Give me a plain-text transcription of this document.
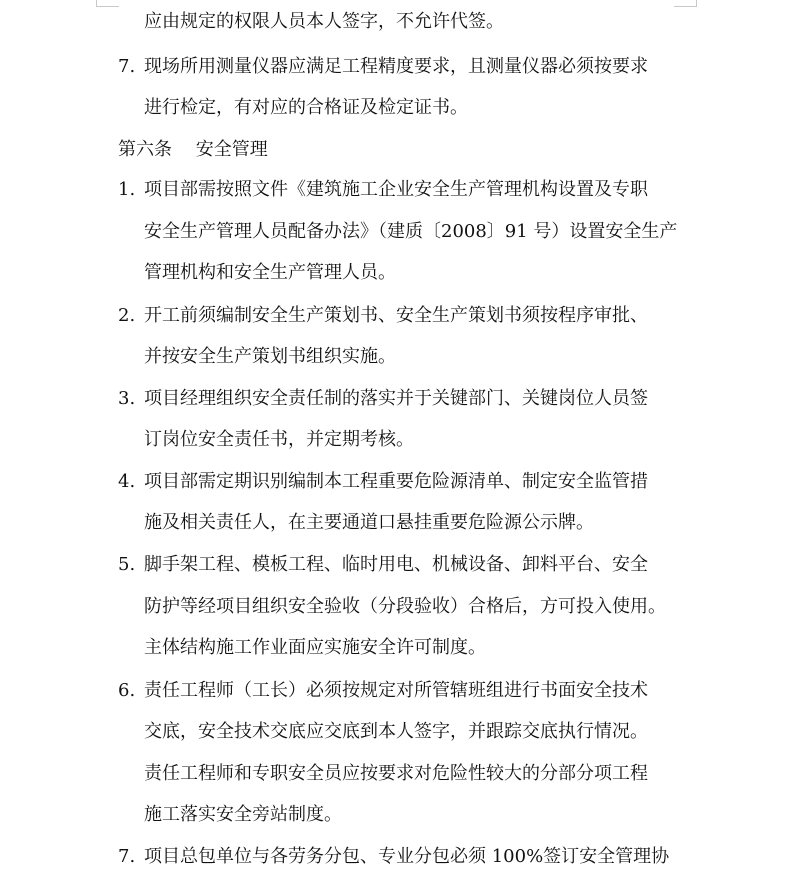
应由规定的权限人员本人签字，不允许代签。
7. 现场所用测量仪器应满足工程精度要求，且测量仪器必须按要求
进行检定，有对应的合格证及检定证书。
第六条　 安全管理
1. 项目部需按照文件《建筑施工企业安全生产管理机构设置及专职
安全生产管理人员配备办法》（建质〔2008〕91 号）设置安全生产
管理机构和安全生产管理人员。
2. 开工前须编制安全生产策划书、安全生产策划书须按程序审批、
并按安全生产策划书组织实施。
3. 项目经理组织安全责任制的落实并于关键部门、关键岗位人员签
订岗位安全责任书，并定期考核。
4. 项目部需定期识别编制本工程重要危险源清单、制定安全监管措
施及相关责任人，在主要通道口悬挂重要危险源公示牌。
5. 脚手架工程、模板工程、临时用电、机械设备、卸料平台、安全
防护等经项目组织安全验收（分段验收）合格后，方可投入使用。
主体结构施工作业面应实施安全许可制度。
6. 责任工程师（工长）必须按规定对所管辖班组进行书面安全技术
交底，安全技术交底应交底到本人签字，并跟踪交底执行情况。
责任工程师和专职安全员应按要求对危险性较大的分部分项工程
施工落实安全旁站制度。
7. 项目总包单位与各劳务分包、专业分包必须 100%签订安全管理协
